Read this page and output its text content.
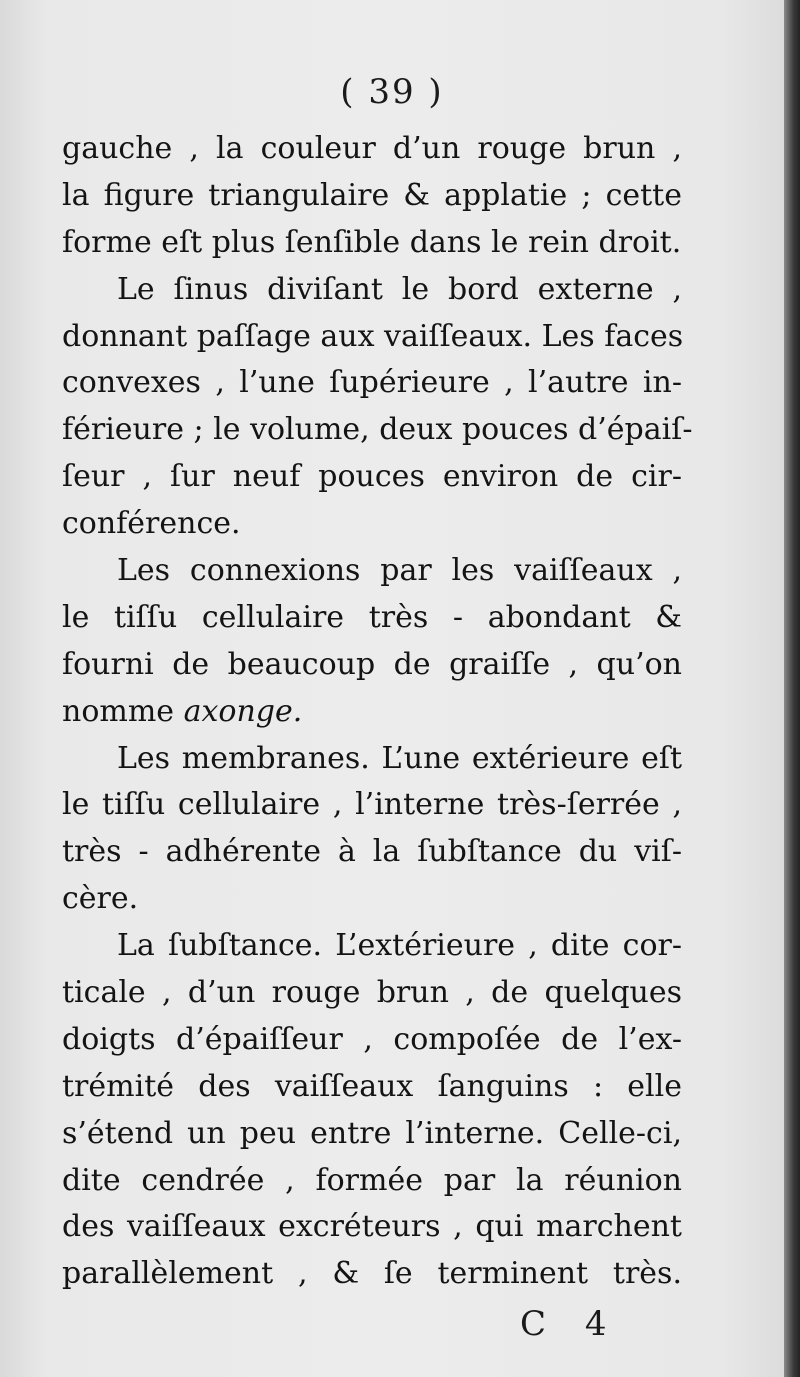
( 39 )
gauche , la couleur d’un rouge brun ,
la figure triangulaire & applatie ; cette
forme eſt plus ſenſible dans le rein droit.
Le ſinus diviſant le bord externe ,
donnant paſſage aux vaiſſeaux. Les faces
convexes , l’une ſupérieure , l’autre in-
férieure ; le volume, deux pouces d’épaiſ-
ſeur , ſur neuf pouces environ de cir-
conférence.
Les connexions par les vaiſſeaux ,
le tiſſu cellulaire très - abondant &
fourni de beaucoup de graiſſe , qu’on
nomme axonge.
Les membranes. L’une extérieure eſt
le tiſſu cellulaire , l’interne très-ſerrée ,
très - adhérente à la ſubſtance du viſ-
cère.
La ſubſtance. L’extérieure , dite cor-
ticale , d’un rouge brun , de quelques
doigts d’épaiſſeur , compoſée de l’ex-
trémité des vaiſſeaux ſanguins : elle
s’étend un peu entre l’interne. Celle-ci,
dite cendrée , formée par la réunion
des vaiſſeaux excréteurs , qui marchent
parallèlement , & ſe terminent très.
C 4
